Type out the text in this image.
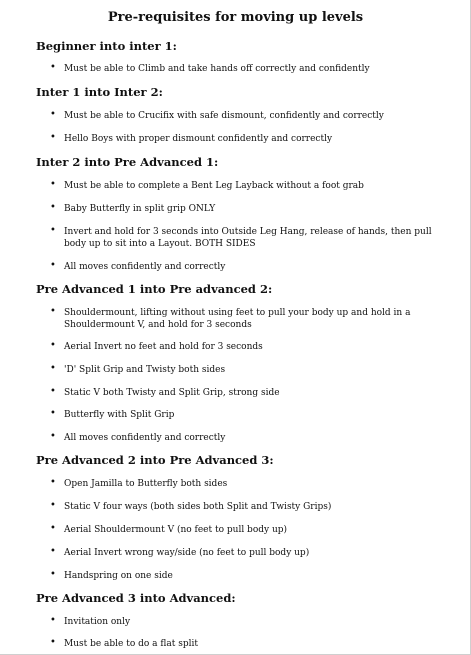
Pre-requisites for moving up levels
Beginner into inter 1:
• Must be able to Climb and take hands off correctly and confidently
Inter 1 into Inter 2:
• Must be able to Crucifix with safe dismount, confidently and correctly
• Hello Boys with proper dismount confidently and correctly
Inter 2 into Pre Advanced 1:
• Must be able to complete a Bent Leg Layback without a foot grab
• Baby Butterfly in split grip ONLY
• Invert and hold for 3 seconds into Outside Leg Hang, release of hands, then pull body up to sit into a Layout. BOTH SIDES
• All moves confidently and correctly
Pre Advanced 1 into Pre advanced 2:
• Shouldermount, lifting without using feet to pull your body up and hold in a Shouldermount V, and hold for 3 seconds
• Aerial Invert no feet and hold for 3 seconds
• 'D' Split Grip and Twisty both sides
• Static V both Twisty and Split Grip, strong side
• Butterfly with Split Grip
• All moves confidently and correctly
Pre Advanced 2 into Pre Advanced 3:
• Open Jamilla to Butterfly both sides
• Static V four ways (both sides both Split and Twisty Grips)
• Aerial Shouldermount V (no feet to pull body up)
• Aerial Invert wrong way/side (no feet to pull body up)
• Handspring on one side
Pre Advanced 3 into Advanced:
• Invitation only
• Must be able to do a flat split
